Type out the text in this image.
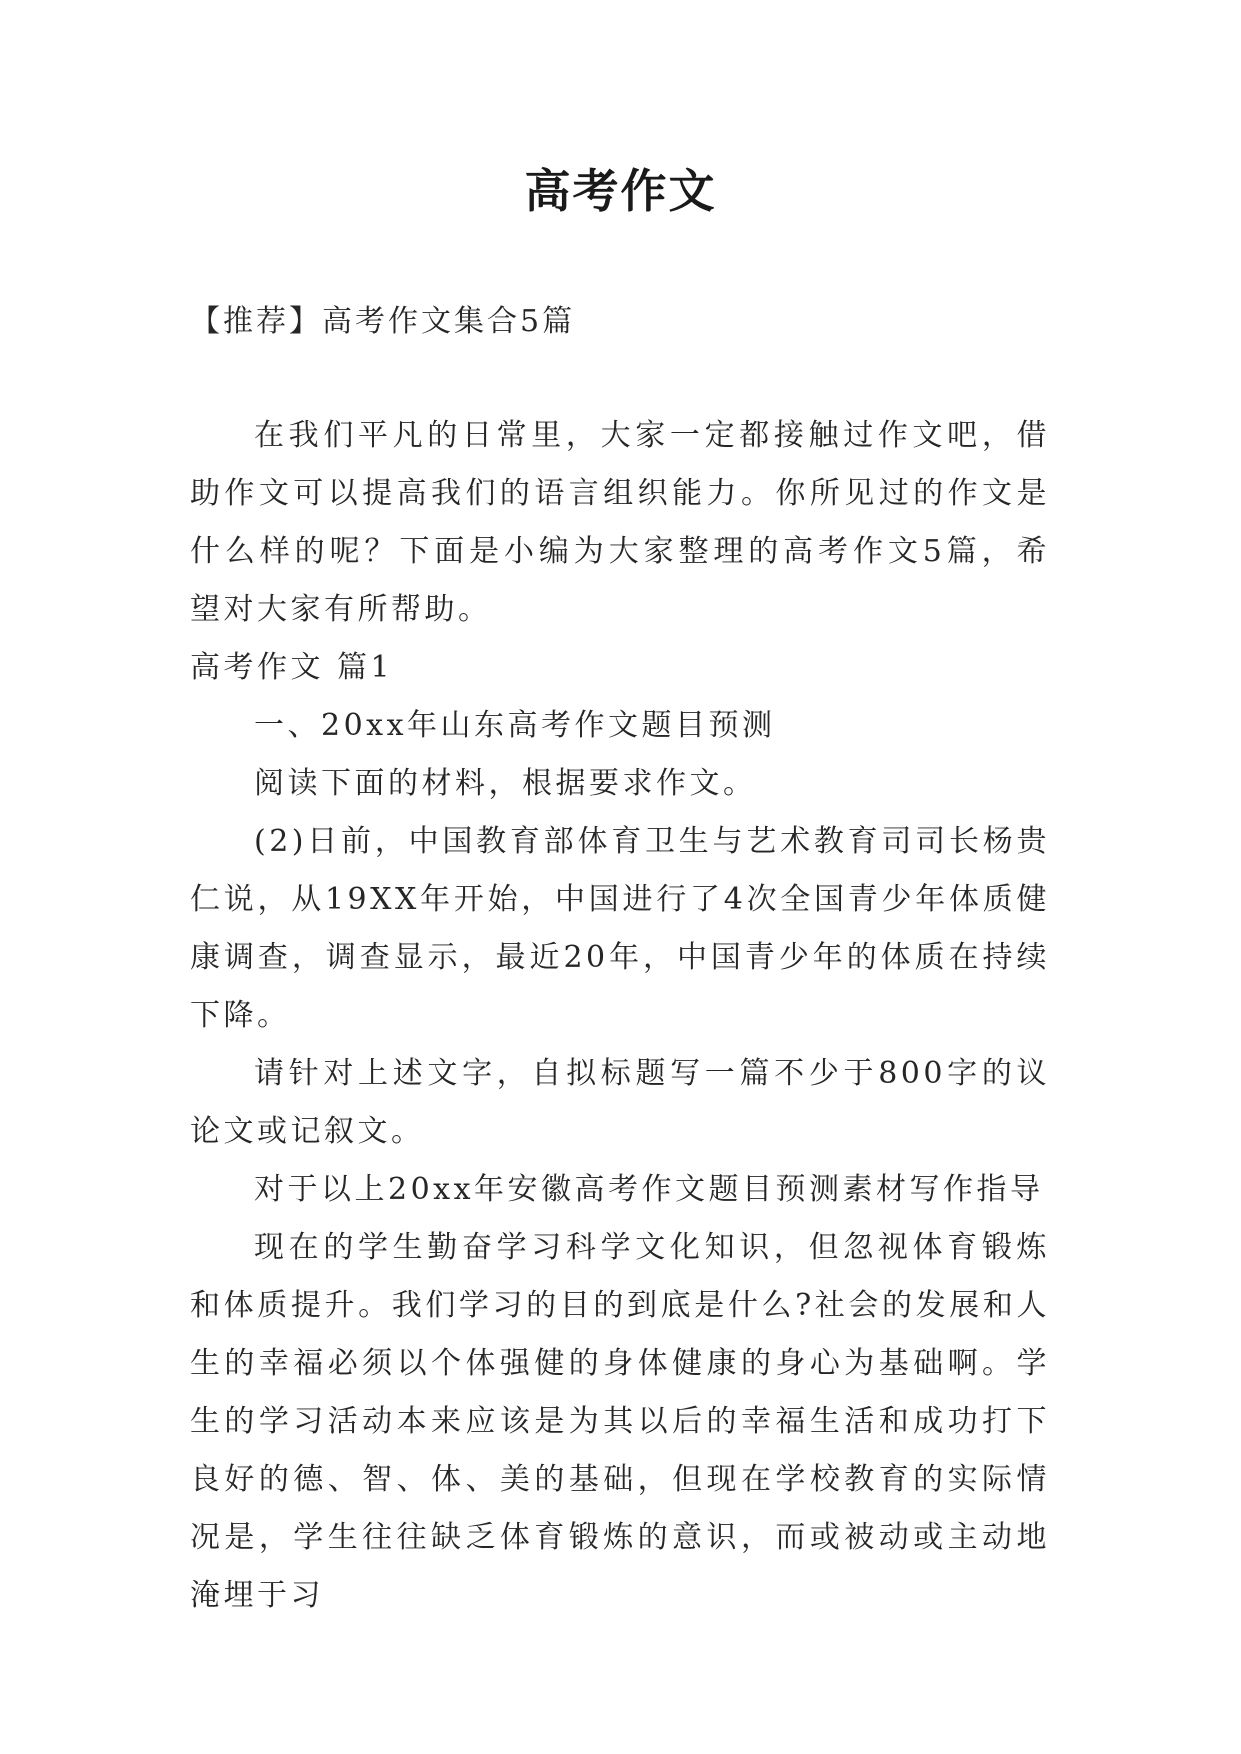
高考作文
【推荐】高考作文集合5篇

在我们平凡的日常里，大家一定都接触过作文吧，借助作文可以提高我们的语言组织能力。你所见过的作文是什么样的呢？下面是小编为大家整理的高考作文5篇，希望对大家有所帮助。

高考作文 篇1

一、20xx年山东高考作文题目预测

阅读下面的材料，根据要求作文。

(2)日前，中国教育部体育卫生与艺术教育司司长杨贵仁说，从19XX年开始，中国进行了4次全国青少年体质健康调查，调查显示，最近20年，中国青少年的体质在持续下降。

请针对上述文字，自拟标题写一篇不少于800字的议论文或记叙文。

对于以上20xx年安徽高考作文题目预测素材写作指导

现在的学生勤奋学习科学文化知识，但忽视体育锻炼和体质提升。我们学习的目的到底是什么?社会的发展和人生的幸福必须以个体强健的身体健康的身心为基础啊。学生的学习活动本来应该是为其以后的幸福生活和成功打下良好的德、智、体、美的基础，但现在学校教育的实际情况是，学生往往缺乏体育锻炼的意识，而或被动或主动地淹埋于习
